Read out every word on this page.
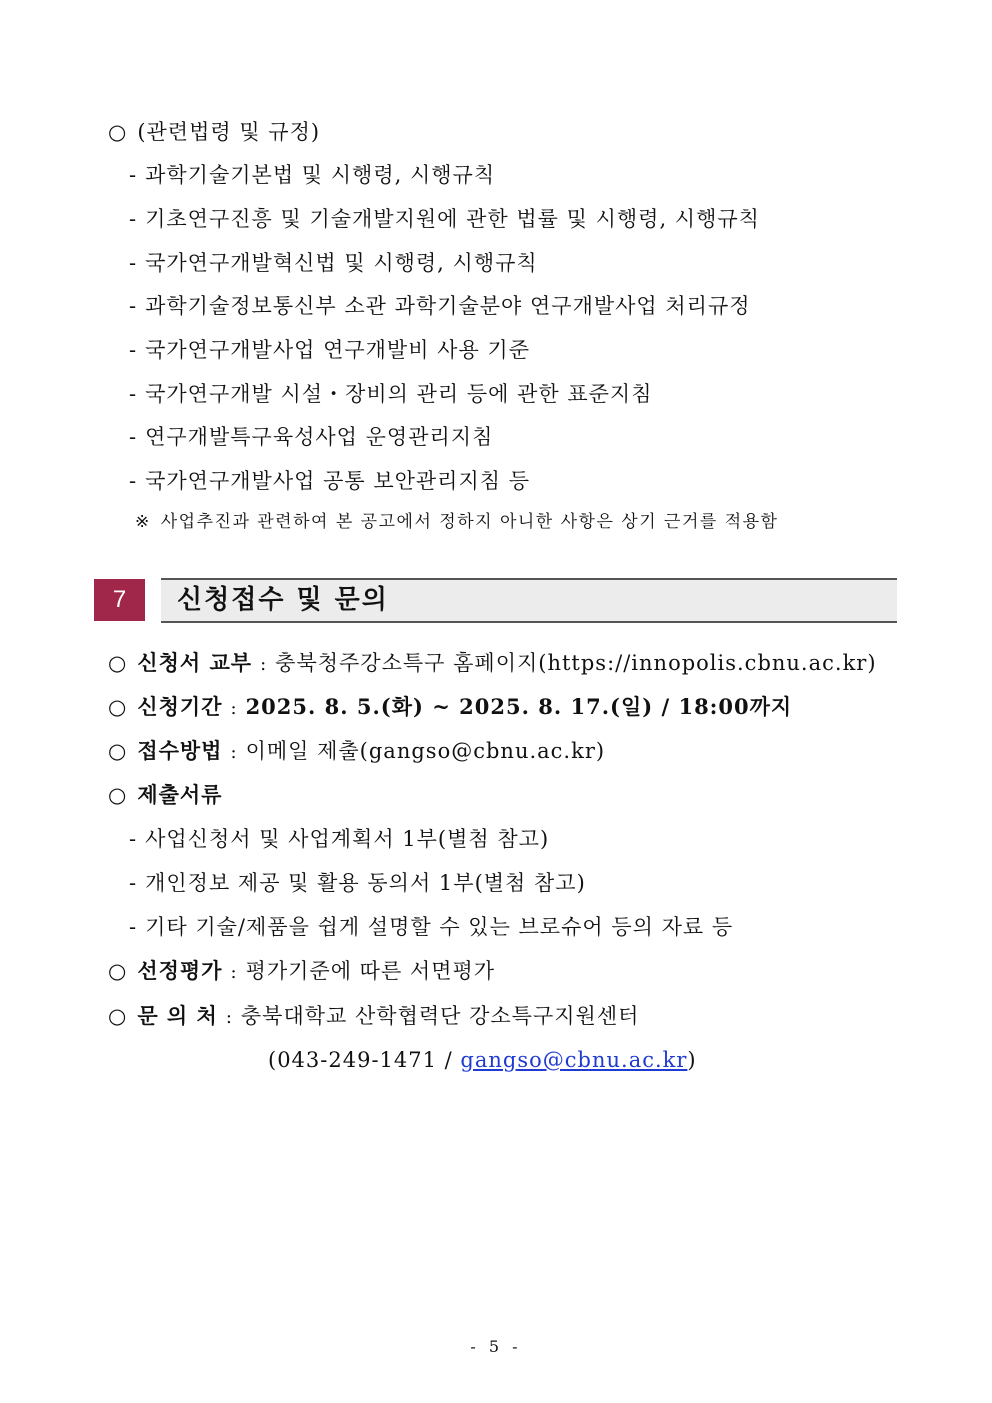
○ (관련법령 및 규정)
- 과학기술기본법 및 시행령, 시행규칙
- 기초연구진흥 및 기술개발지원에 관한 법률 및 시행령, 시행규칙
- 국가연구개발혁신법 및 시행령, 시행규칙
- 과학기술정보통신부 소관 과학기술분야 연구개발사업 처리규정
- 국가연구개발사업 연구개발비 사용 기준
- 국가연구개발 시설・장비의 관리 등에 관한 표준지침
- 연구개발특구육성사업 운영관리지침
- 국가연구개발사업 공통 보안관리지침 등
※ 사업추진과 관련하여 본 공고에서 정하지 아니한 사항은 상기 근거를 적용함
7	신청접수 및 문의
○ 신청서 교부 : 충북청주강소특구 홈페이지(https://innopolis.cbnu.ac.kr)
○ 신청기간 : 2025. 8. 5.(화) ~ 2025. 8. 17.(일) / 18:00까지
○ 접수방법 : 이메일 제출(gangso@cbnu.ac.kr)
○ 제출서류
- 사업신청서 및 사업계획서 1부(별첨 참고)
- 개인정보 제공 및 활용 동의서 1부(별첨 참고)
- 기타 기술/제품을 쉽게 설명할 수 있는 브로슈어 등의 자료 등
○ 선정평가 : 평가기준에 따른 서면평가
○ 문 의 처 : 충북대학교 산학협력단 강소특구지원센터
(043-249-1471 / gangso@cbnu.ac.kr)
- 5 -
